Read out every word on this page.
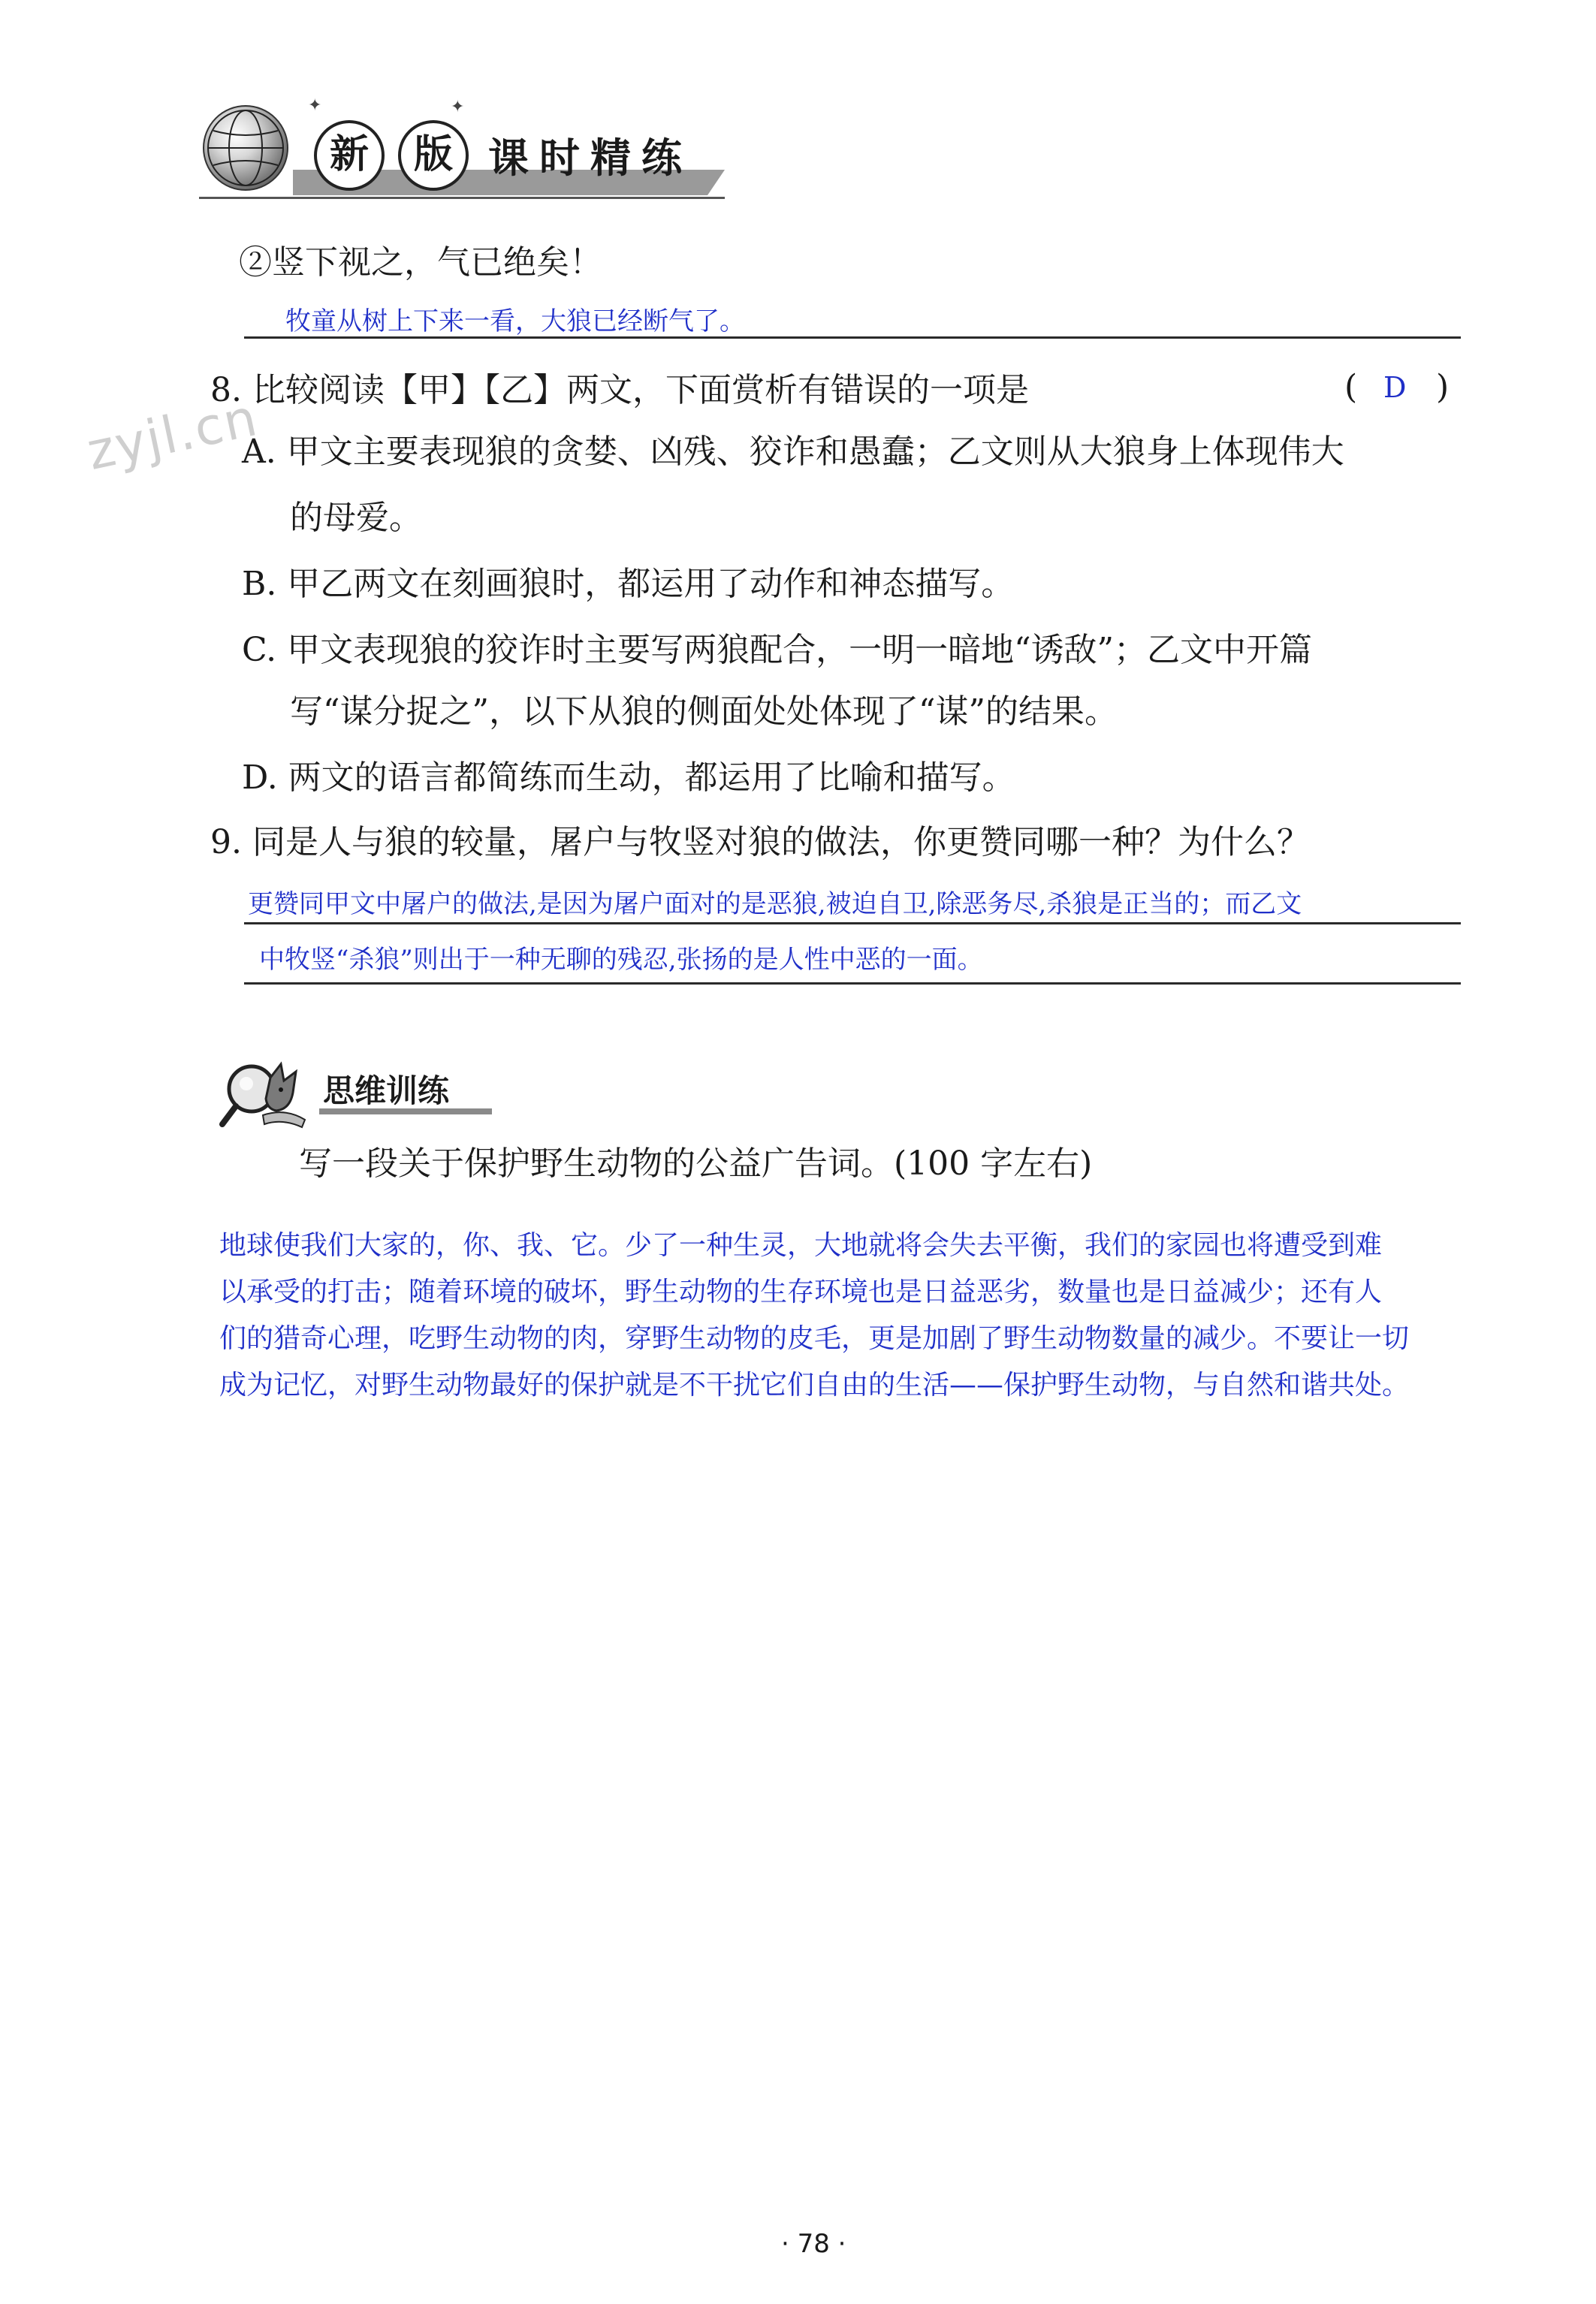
新	版
✦	✦
课时精练
zyjl.cn
②竖下视之，气已绝矣！
牧童从树上下来一看，大狼已经断气了。
8. 比较阅读【甲】【乙】两文，下面赏析有错误的一项是	( D )
A. 甲文主要表现狼的贪婪、凶残、狡诈和愚蠢；乙文则从大狼身上体现伟大
的母爱。
B. 甲乙两文在刻画狼时，都运用了动作和神态描写。
C. 甲文表现狼的狡诈时主要写两狼配合，一明一暗地“诱敌”；乙文中开篇
写“谋分捉之”，以下从狼的侧面处处体现了“谋”的结果。
D. 两文的语言都简练而生动，都运用了比喻和描写。
9. 同是人与狼的较量，屠户与牧竖对狼的做法，你更赞同哪一种？为什么？
更赞同甲文中屠户的做法,是因为屠户面对的是恶狼,被迫自卫,除恶务尽,杀狼是正当的；而乙文
中牧竖“杀狼”则出于一种无聊的残忍,张扬的是人性中恶的一面。
思维训练
写一段关于保护野生动物的公益广告词。(100 字左右)
地球使我们大家的，你、我、它。少了一种生灵，大地就将会失去平衡，我们的家园也将遭受到难
以承受的打击；随着环境的破坏，野生动物的生存环境也是日益恶劣，数量也是日益减少；还有人
们的猎奇心理，吃野生动物的肉，穿野生动物的皮毛，更是加剧了野生动物数量的减少。不要让一切
成为记忆，对野生动物最好的保护就是不干扰它们自由的生活——保护野生动物，与自然和谐共处。
· 78 ·
